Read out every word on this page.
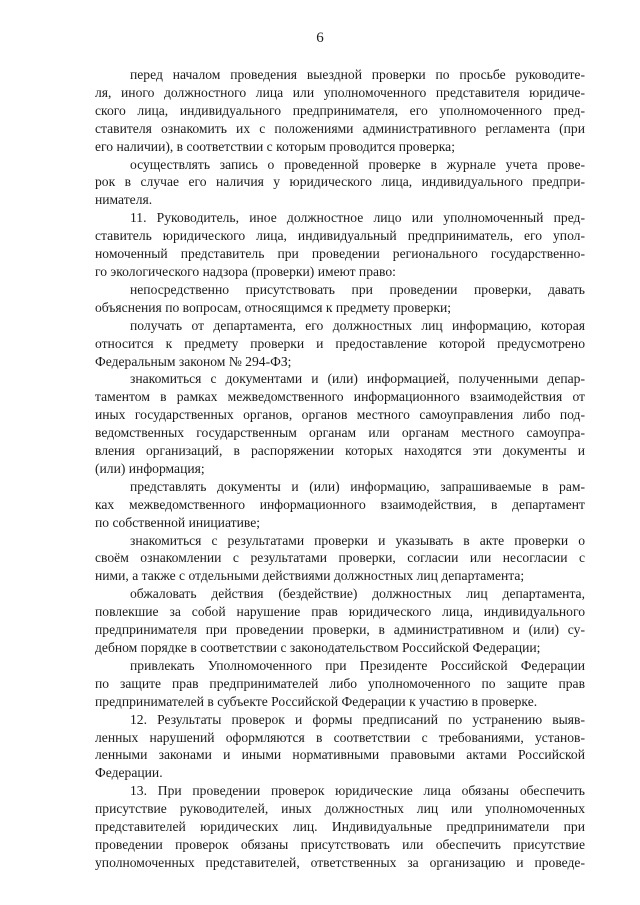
6
перед началом проведения выездной проверки по просьбе руководите-
ля, иного должностного лица или уполномоченного представителя юридиче-
ского лица, индивидуального предпринимателя, его уполномоченного пред-
ставителя ознакомить их с положениями административного регламента (при
его наличии), в соответствии с которым проводится проверка;
осуществлять запись о проведенной проверке в журнале учета прове-
рок в случае его наличия у юридического лица, индивидуального предпри-
нимателя.
11. Руководитель, иное должностное лицо или уполномоченный пред-
ставитель юридического лица, индивидуальный предприниматель, его упол-
номоченный представитель при проведении регионального государственно-
го экологического надзора (проверки) имеют право:
непосредственно присутствовать при проведении проверки, давать
объяснения по вопросам, относящимся к предмету проверки;
получать от департамента, его должностных лиц информацию, которая
относится к предмету проверки и предоставление которой предусмотрено
Федеральным законом № 294-ФЗ;
знакомиться с документами и (или) информацией, полученными депар-
таментом в рамках межведомственного информационного взаимодействия от
иных государственных органов, органов местного самоуправления либо под-
ведомственных государственным органам или органам местного самоупра-
вления организаций, в распоряжении которых находятся эти документы и
(или) информация;
представлять документы и (или) информацию, запрашиваемые в рам-
ках межведомственного информационного взаимодействия, в департамент
по собственной инициативе;
знакомиться с результатами проверки и указывать в акте проверки о
своём ознакомлении с результатами проверки, согласии или несогласии с
ними, а также с отдельными действиями должностных лиц департамента;
обжаловать действия (бездействие) должностных лиц департамента,
повлекшие за собой нарушение прав юридического лица, индивидуального
предпринимателя при проведении проверки, в административном и (или) су-
дебном порядке в соответствии с законодательством Российской Федерации;
привлекать Уполномоченного при Президенте Российской Федерации
по защите прав предпринимателей либо уполномоченного по защите прав
предпринимателей в субъекте Российской Федерации к участию в проверке.
12. Результаты проверок и формы предписаний по устранению выяв-
ленных нарушений оформляются в соответствии с требованиями, установ-
ленными законами и иными нормативными правовыми актами Российской
Федерации.
13. При проведении проверок юридические лица обязаны обеспечить
присутствие руководителей, иных должностных лиц или уполномоченных
представителей юридических лиц. Индивидуальные предприниматели при
проведении проверок обязаны присутствовать или обеспечить присутствие
уполномоченных представителей, ответственных за организацию и проведе-
